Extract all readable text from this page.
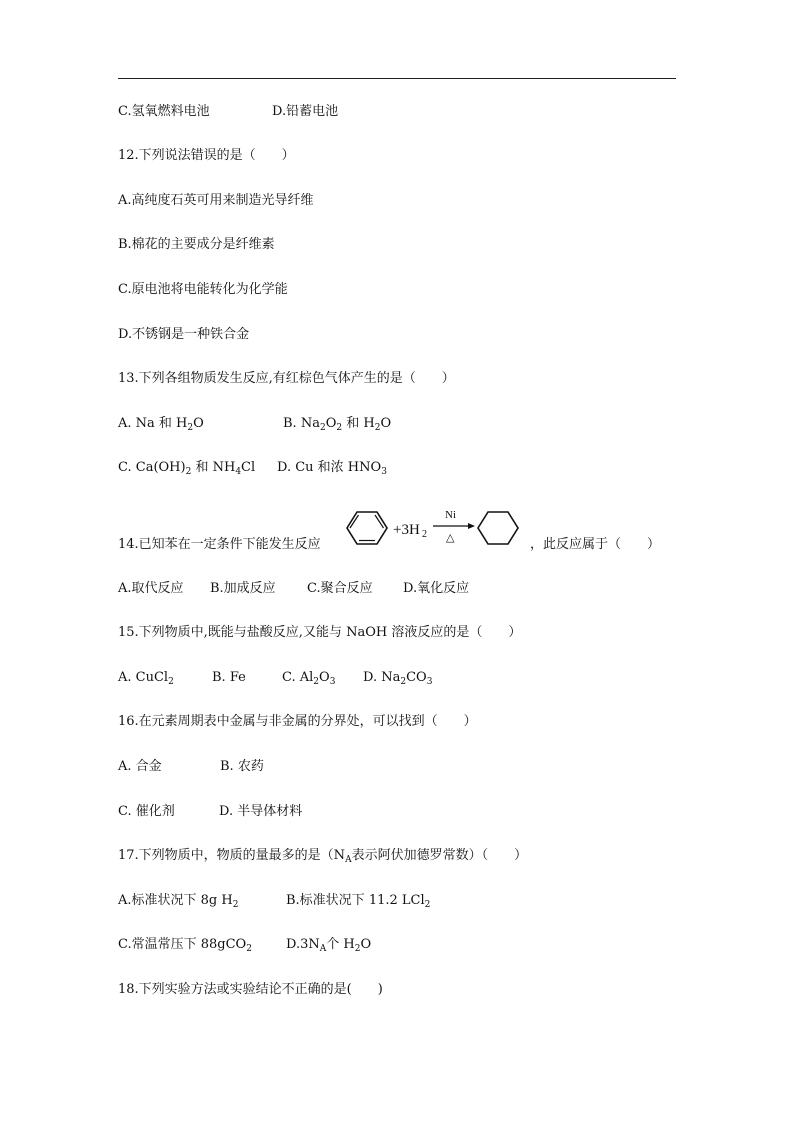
C.氢氧燃料电池	D.铅蓄电池
12.下列说法错误的是（　　）
A.高纯度石英可用来制造光导纤维
B.棉花的主要成分是纤维素
C.原电池将电能转化为化学能
D.不锈钢是一种铁合金
13.下列各组物质发生反应,有红棕色气体产生的是（　　）
A. Na 和 $H_2O$	B. $Na_2O_2$ 和 $H_2O$
C. $Ca(OH)_2$ 和 $NH_4Cl$ D. Cu 和浓 $HNO_3$
14.已知苯在一定条件下能发生反应
+3H 2
Ni
△	，此反应属于（　　）
A.取代反应 B.加成反应 C.聚合反应 D.氧化反应
15.下列物质中,既能与盐酸反应,又能与 NaOH 溶液反应的是（　　）
A. CuCl$_2$	B. Fe	C. $Al_2O_3$ D. $Na_2CO_3$
16.在元素周期表中金属与非金属的分界处，可以找到（　　）
A. 合金	B. 农药
C. 催化剂	D. 半导体材料
17.下列物质中，物质的量最多的是（$N_A$表示阿伏加德罗常数）（　　）
A.标准状况下 8g $H_2$	B.标准状况下 11.2 LCl$_2$
C.常温常压下 88gCO$_2$	$D.3N_A$个 $H_2O$
18.下列实验方法或实验结论不正确的是(　　)
